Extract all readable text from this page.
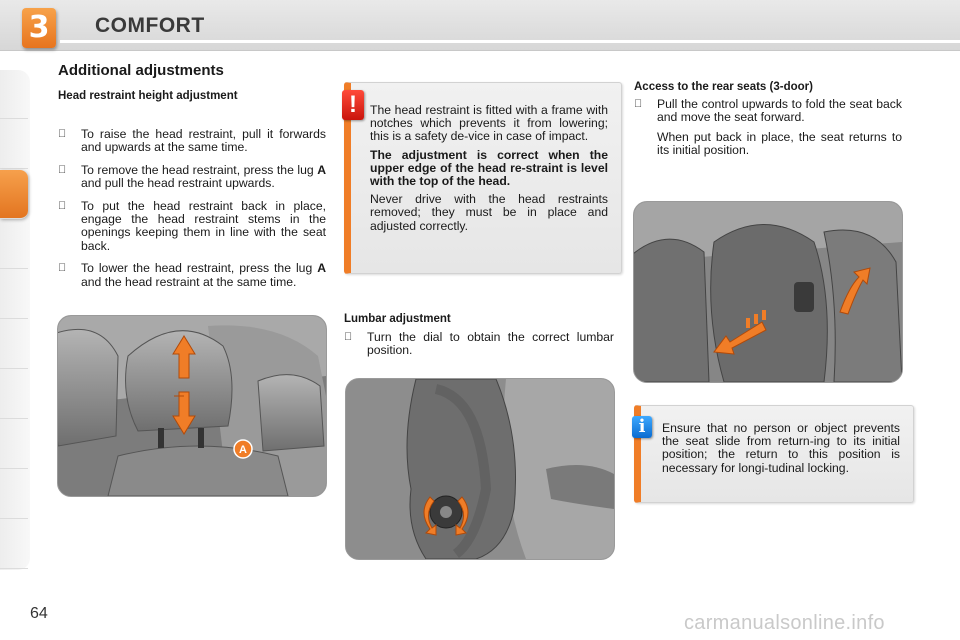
3	COMFORT
Additional adjustments
Head restraint height adjustment
To raise the head restraint, pull it forwards and upwards at the same time.
To remove the head restraint, press the lug A and pull the head restraint upwards.
To put the head restraint back in place, engage the head restraint stems in the openings keeping them in line with the seat back.
To lower the head restraint, press the lug A and the head restraint at the same time.
A
!	The head restraint is fitted with a frame with notches which prevents it from lowering; this is a safety de-vice in case of impact.

The adjustment is correct when the upper edge of the head re-straint is level with the top of the head.

Never drive with the head restraints removed; they must be in place and adjusted correctly.

Lumbar adjustment
Turn the dial to obtain the correct lumbar position.
Access to the rear seats (3-door)
Pull the control upwards to fold the seat back and move the seat forward.
When put back in place, the seat returns to its initial position.
i	Ensure that no person or object prevents the seat slide from return-ing to its initial position; the return to this position is necessary for longi-tudinal locking.

64	carmanualsonline.info
